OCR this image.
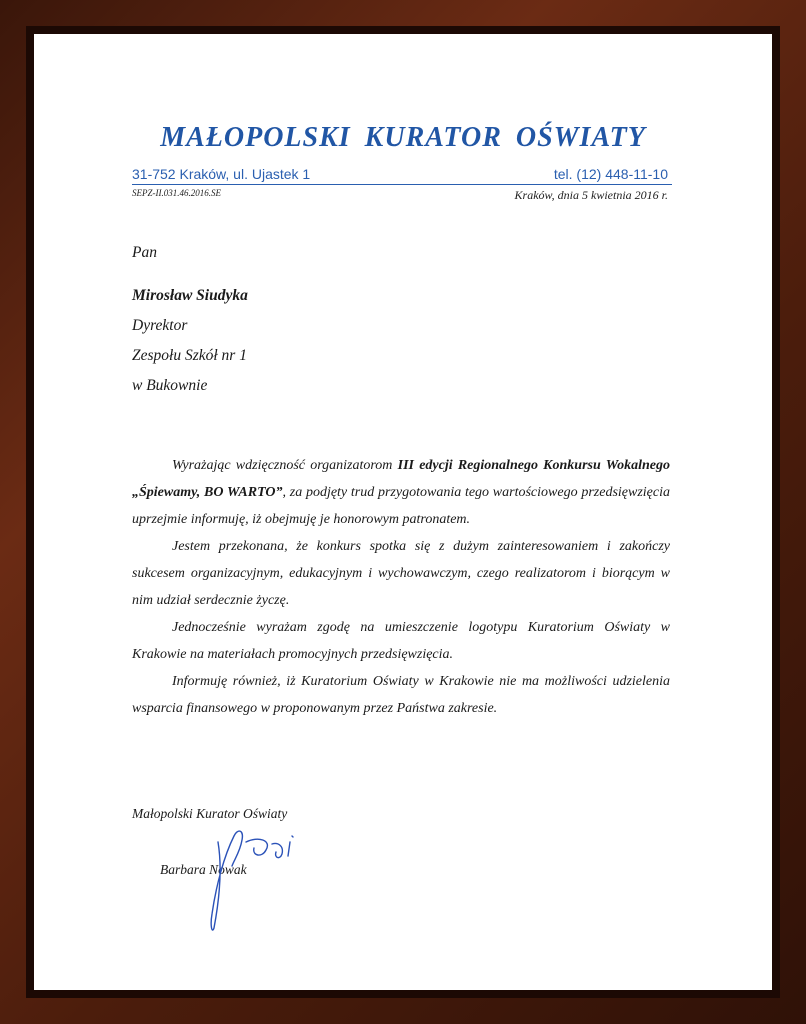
MAŁOPOLSKI KURATOR OŚWIATY
31-752 Kraków, ul. Ujastek 1	tel. (12) 448-11-10
SEPZ-II.031.46.2016.SE	Kraków, dnia 5 kwietnia 2016 r.
Pan
Mirosław Siudyka
Dyrektor
Zespołu Szkół nr 1
w Bukownie

Wyrażając wdzięczność organizatorom III edycji Regionalnego Konkursu Wokalnego „Śpiewamy, BO WARTO”, za podjęty trud przygotowania tego wartościowego przedsięwzięcia uprzejmie informuję, iż obejmuję je honorowym patronatem.

Jestem przekonana, że konkurs spotka się z dużym zainteresowaniem i zakończy sukcesem organizacyjnym, edukacyjnym i wychowawczym, czego realizatorom i biorącym w nim udział serdecznie życzę.

Jednocześnie wyrażam zgodę na umieszczenie logotypu Kuratorium Oświaty w Krakowie na materiałach promocyjnych przedsięwzięcia.

Informuję również, iż Kuratorium Oświaty w Krakowie nie ma możliwości udzielenia wsparcia finansowego w proponowanym przez Państwa zakresie.

Małopolski Kurator Oświaty
Barbara Nowak
